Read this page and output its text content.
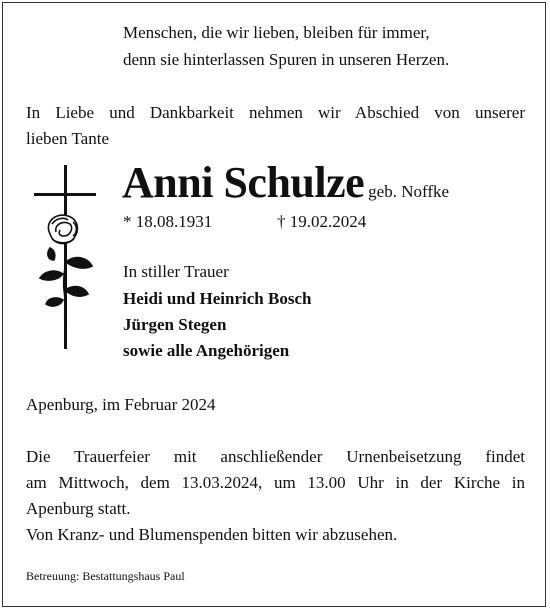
Menschen, die wir lieben, bleiben für immer,
denn sie hinterlassen Spuren in unseren Herzen.
In Liebe und Dankbarkeit nehmen wir Abschied von unserer
lieben Tante
Anni Schulze geb. Noffke
* 18.08.1931	† 19.02.2024
In stiller Trauer
Heidi und Heinrich Bosch
Jürgen Stegen
sowie alle Angehörigen
Apenburg, im Februar 2024
Die Trauerfeier mit anschließender Urnenbeisetzung findet
am Mittwoch, dem 13.03.2024, um 13.00 Uhr in der Kirche in
Apenburg statt.
Von Kranz- und Blumenspenden bitten wir abzusehen.
Betreuung: Bestattungshaus Paul
